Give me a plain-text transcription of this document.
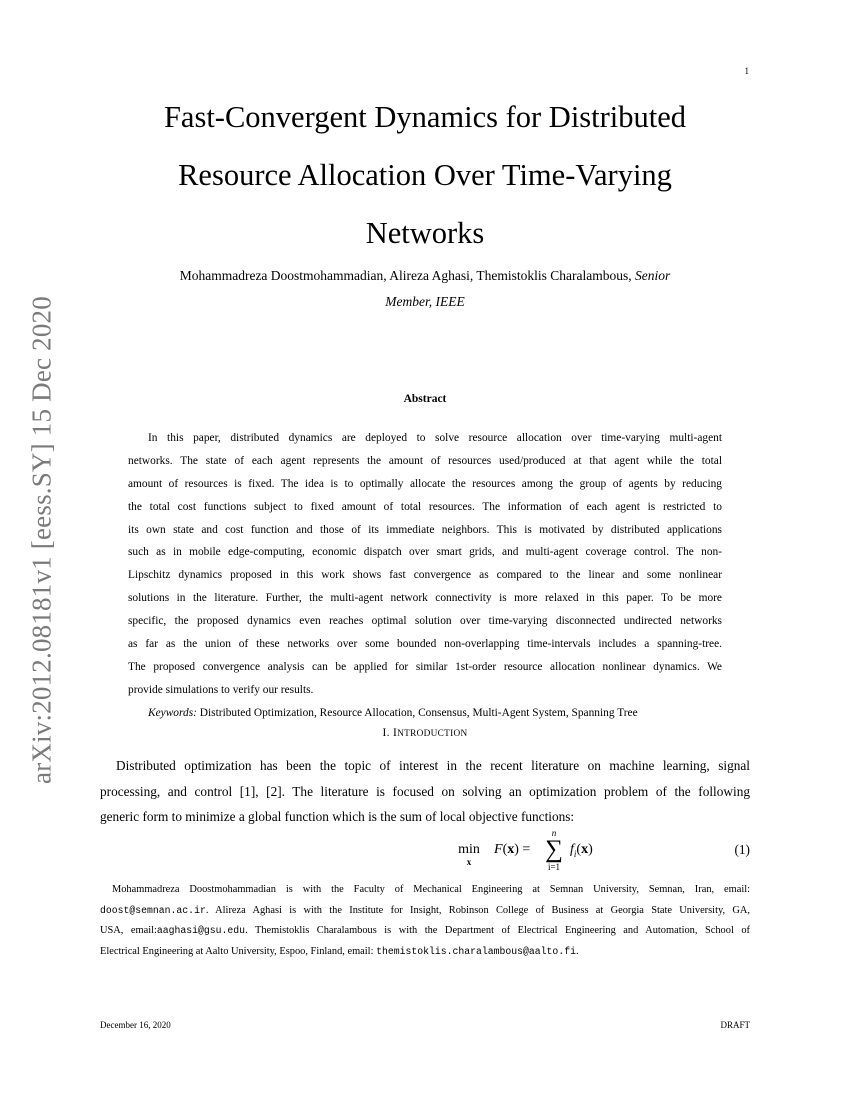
1
arXiv:2012.08181v1 [eess.SY] 15 Dec 2020
Fast-Convergent Dynamics for Distributed
Resource Allocation Over Time-Varying
Networks
Mohammadreza Doostmohammadian, Alireza Aghasi, Themistoklis Charalambous, Senior
Member, IEEE
Abstract
In this paper, distributed dynamics are deployed to solve resource allocation over time-varying multi-agent
networks. The state of each agent represents the amount of resources used/produced at that agent while the total
amount of resources is fixed. The idea is to optimally allocate the resources among the group of agents by reducing
the total cost functions subject to fixed amount of total resources. The information of each agent is restricted to
its own state and cost function and those of its immediate neighbors. This is motivated by distributed applications
such as in mobile edge-computing, economic dispatch over smart grids, and multi-agent coverage control. The non-
Lipschitz dynamics proposed in this work shows fast convergence as compared to the linear and some nonlinear
solutions in the literature. Further, the multi-agent network connectivity is more relaxed in this paper. To be more
specific, the proposed dynamics even reaches optimal solution over time-varying disconnected undirected networks
as far as the union of these networks over some bounded non-overlapping time-intervals includes a spanning-tree.
The proposed convergence analysis can be applied for similar 1st-order resource allocation nonlinear dynamics. We
provide simulations to verify our results.
Keywords: Distributed Optimization, Resource Allocation, Consensus, Multi-Agent System, Spanning Tree
I. INTRODUCTION
Distributed optimization has been the topic of interest in the recent literature on machine learning, signal
processing, and control [1], [2]. The literature is focused on solving an optimization problem of the following
generic form to minimize a global function which is the sum of local objective functions:
min
x
F(x) =
n
∑
i=1
$f_i(x)$	(1)
Mohammadreza Doostmohammadian is with the Faculty of Mechanical Engineering at Semnan University, Semnan, Iran, email:
doost@semnan.ac.ir. Alireza Aghasi is with the Institute for Insight, Robinson College of Business at Georgia State University, GA,
USA, email:aaghasi@gsu.edu. Themistoklis Charalambous is with the Department of Electrical Engineering and Automation, School of
Electrical Engineering at Aalto University, Espoo, Finland, email: themistoklis.charalambous@aalto.fi.
December 16, 2020	DRAFT
